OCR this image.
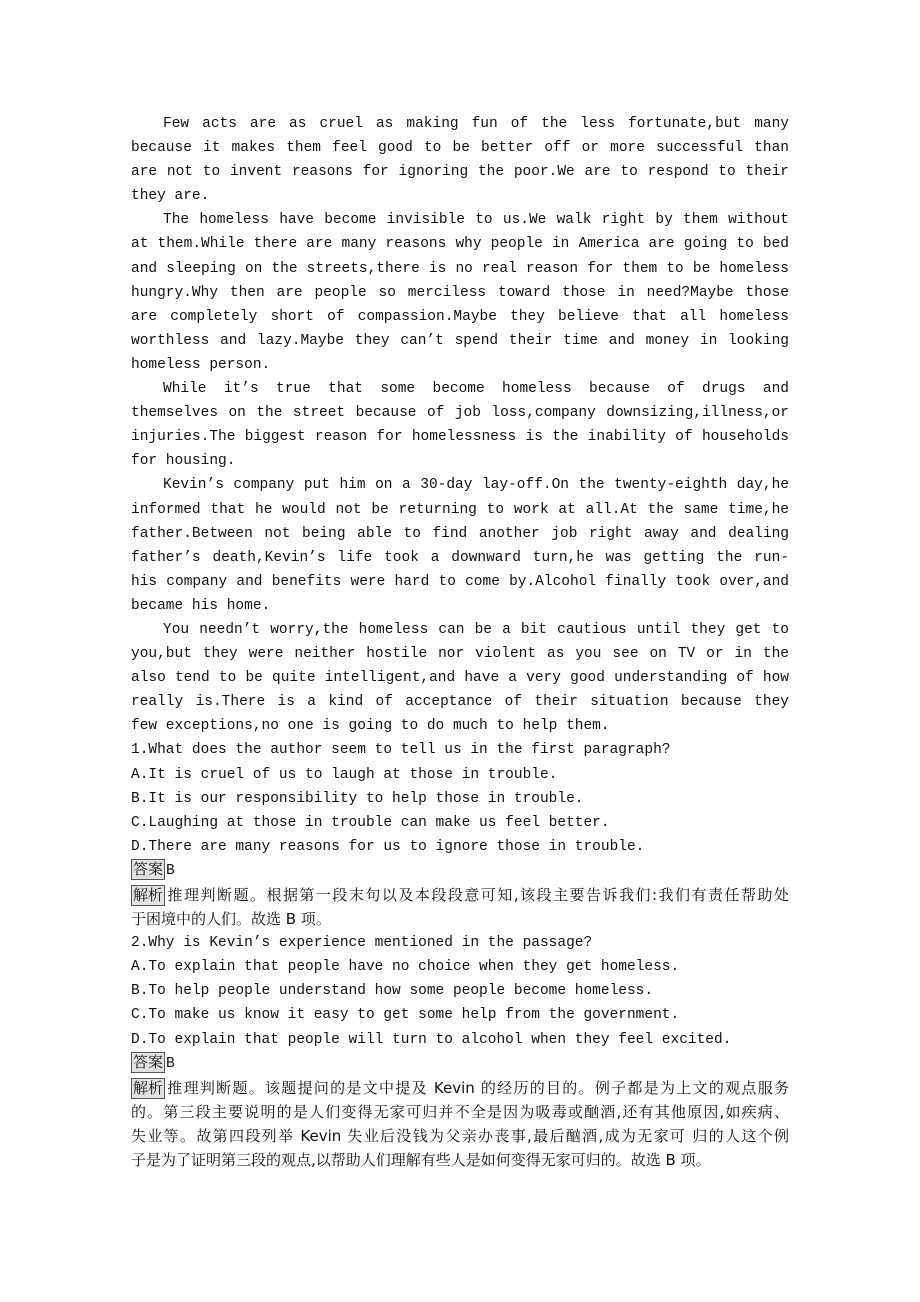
Few acts are as cruel as making fun of the less fortunate,but many
because it makes them feel good to be better off or more successful than
are not to invent reasons for ignoring the poor.We are to respond to their
they are.
The homeless have become invisible to us.We walk right by them without
at them.While there are many reasons why people in America are going to bed
and sleeping on the streets,there is no real reason for them to be homeless
hungry.Why then are people so merciless toward those in need?Maybe those
are completely short of compassion.Maybe they believe that all homeless
worthless and lazy.Maybe they can’t spend their time and money in looking
homeless person.
While it’s true that some become homeless because of drugs and
themselves on the street because of job loss,company downsizing,illness,or
injuries.The biggest reason for homelessness is the inability of households
for housing.
Kevin’s company put him on a 30-day lay-off.On the twenty-eighth day,he
informed that he would not be returning to work at all.At the same time,he
father.Between not being able to find another job right away and dealing
father’s death,Kevin’s life took a downward turn,he was getting the run-
his company and benefits were hard to come by.Alcohol finally took over,and
became his home.
You needn’t worry,the homeless can be a bit cautious until they get to
you,but they were neither hostile nor violent as you see on TV or in the
also tend to be quite intelligent,and have a very good understanding of how
really is.There is a kind of acceptance of their situation because they
few exceptions,no one is going to do much to help them.
1.What does the author seem to tell us in the first paragraph?
A.It is cruel of us to laugh at those in trouble.
B.It is our responsibility to help those in trouble.
C.Laughing at those in trouble can make us feel better.
D.There are many reasons for us to ignore those in trouble.
答案 B
解析 推理判断题。根据第一段末句以及本段段意可知,该段主要告诉我们:我们有责任帮助处
于困境中的人们。故选 B 项。
2.Why is Kevin’s experience mentioned in the passage?
A.To explain that people have no choice when they get homeless.
B.To help people understand how some people become homeless.
C.To make us know it easy to get some help from the government.
D.To explain that people will turn to alcohol when they feel excited.
答案 B
解析 推理判断题。该题提问的是文中提及 Kevin 的经历的目的。例子都是为上文的观点服务
的。第三段主要说明的是人们变得无家可归并不全是因为吸毒或酗酒,还有其他原因,如疾病、
失业等。故第四段列举 Kevin 失业后没钱为父亲办丧事,最后酗酒,成为无家可 归的人这个例
子是为了证明第三段的观点,以帮助人们理解有些人是如何变得无家可归的。故选 B 项。
